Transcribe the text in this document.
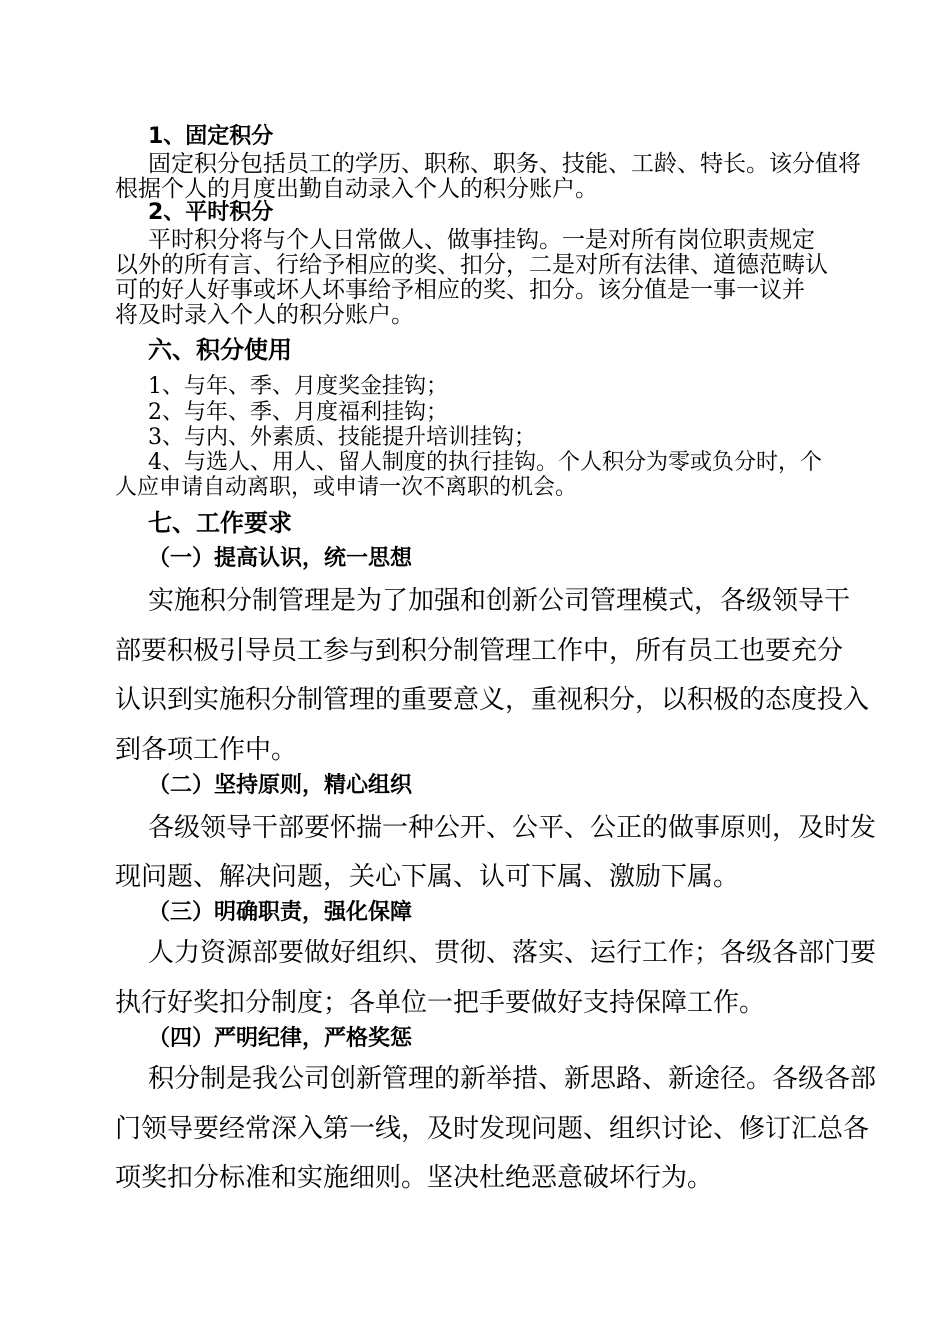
1、固定积分
固定积分包括员工的学历、职称、职务、技能、工龄、特长。该分值将
根据个人的月度出勤自动录入个人的积分账户。
2、平时积分
平时积分将与个人日常做人、做事挂钩。一是对所有岗位职责规定
以外的所有言、行给予相应的奖、扣分，二是对所有法律、道德范畴认
可的好人好事或坏人坏事给予相应的奖、扣分。该分值是一事一议并
将及时录入个人的积分账户。
六、积分使用
1、与年、季、月度奖金挂钩；
2、与年、季、月度福利挂钩；
3、与内、外素质、技能提升培训挂钩；
4、与选人、用人、留人制度的执行挂钩。个人积分为零或负分时，个
人应申请自动离职，或申请一次不离职的机会。
七、工作要求
（一）提高认识，统一思想
实施积分制管理是为了加强和创新公司管理模式，各级领导干
部要积极引导员工参与到积分制管理工作中，所有员工也要充分
认识到实施积分制管理的重要意义，重视积分，以积极的态度投入
到各项工作中。
（二）坚持原则，精心组织
各级领导干部要怀揣一种公开、公平、公正的做事原则，及时发
现问题、解决问题，关心下属、认可下属、激励下属。
（三）明确职责，强化保障
人力资源部要做好组织、贯彻、落实、运行工作；各级各部门要
执行好奖扣分制度；各单位一把手要做好支持保障工作。
（四）严明纪律，严格奖惩
积分制是我公司创新管理的新举措、新思路、新途径。各级各部
门领导要经常深入第一线，及时发现问题、组织讨论、修订汇总各
项奖扣分标准和实施细则。坚决杜绝恶意破坏行为。
